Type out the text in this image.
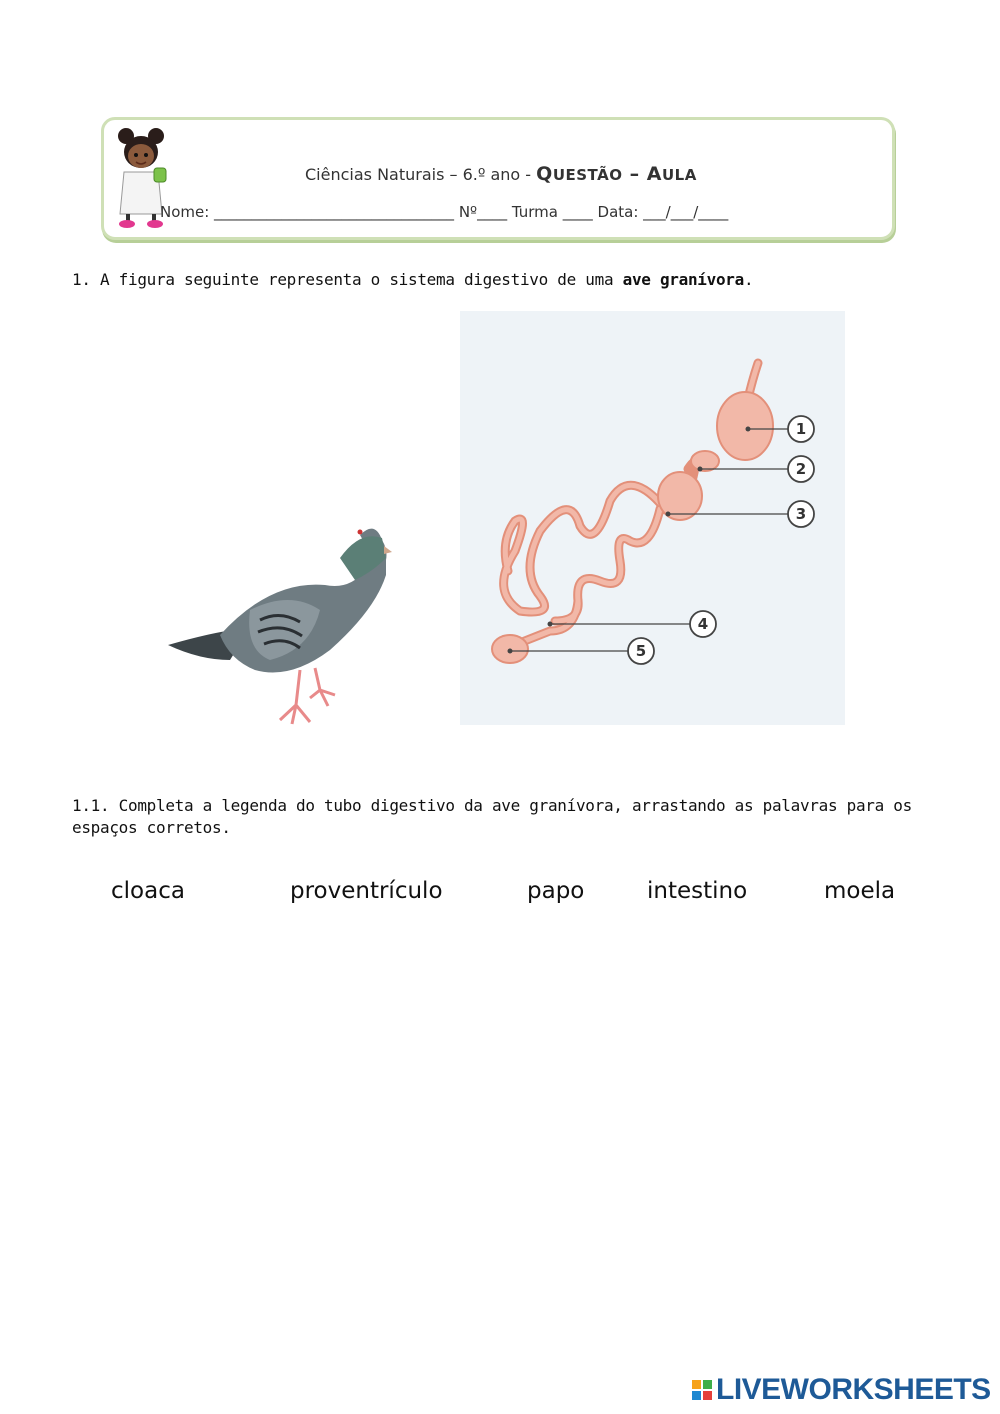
Ciências Naturais – 6.º ano - QUESTÃO – AULA
Nome: ________________________________ Nº____ Turma ____ Data: ___/___/____
1. A figura seguinte representa o sistema digestivo de uma ave granívora.
1
2
3
4
5
1.1. Completa a legenda do tubo digestivo da ave granívora, arrastando as palavras para os espaços corretos.
cloaca	proventrículo	papo	intestino	moela
LIVEWORKSHEETS
